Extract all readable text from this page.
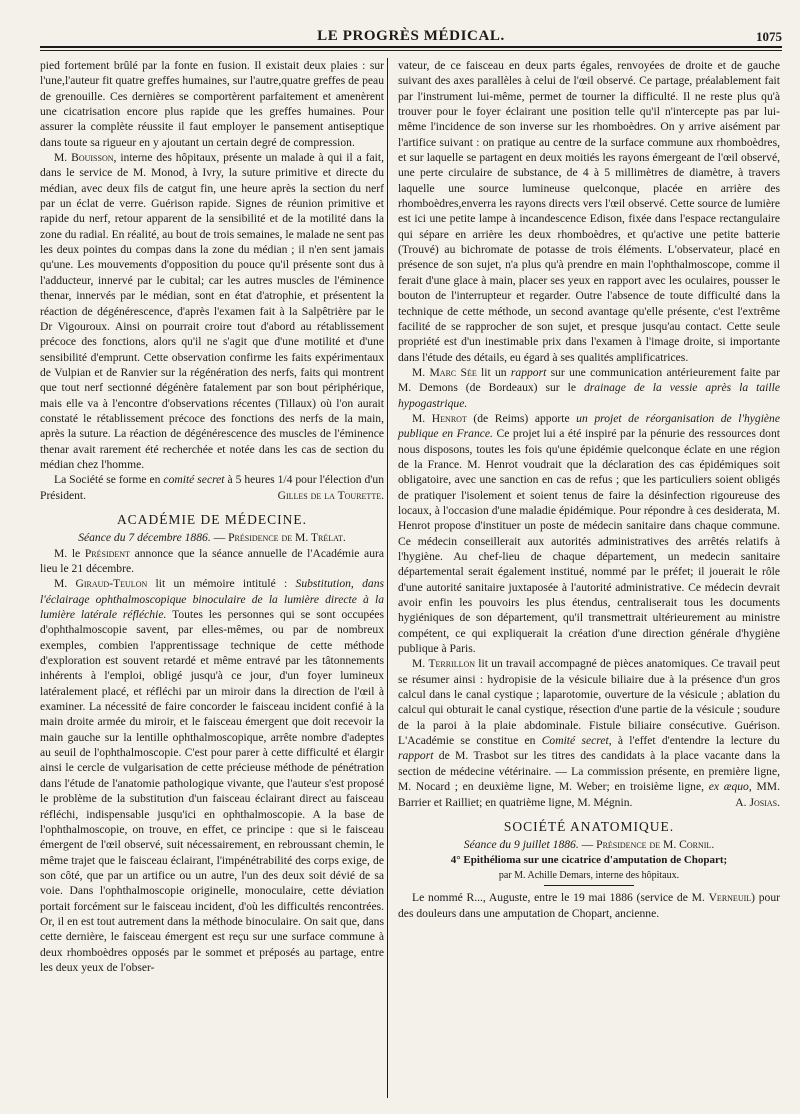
LE PROGRÈS MÉDICAL.	1075

pied fortement brûlé par la fonte en fusion. Il existait deux plaies : sur l'une,l'auteur fit quatre greffes humaines, sur l'autre,quatre greffes de peau de grenouille. Ces dernières se comportèrent parfaitement et amenèrent une cicatrisation encore plus rapide que les greffes humaines. Pour assurer la complète réussite il faut employer le pansement antiseptique dans toute sa rigueur en y ajoutant un certain degré de compression.

M. Bouisson, interne des hôpitaux, présente un malade à qui il a fait, dans le service de M. Monod, à Ivry, la suture primitive et directe du médian, avec deux fils de catgut fin, une heure après la section du nerf par un éclat de verre. Guérison rapide. Signes de réunion primitive et rapide du nerf, retour apparent de la sensibilité et de la motilité dans la zone du radial. En réalité, au bout de trois semaines, le malade ne sent pas les deux pointes du compas dans la zone du médian ; il n'en sent jamais qu'une. Les mouvements d'opposition du pouce qu'il présente sont dus à l'adducteur, innervé par le cubital; car les autres muscles de l'éminence thenar, innervés par le médian, sont en état d'atrophie, et présentent la réaction de dégénérescence, d'après l'examen fait à la Salpêtrière par le Dr Vigouroux. Ainsi on pourrait croire tout d'abord au rétablissement précoce des fonctions, alors qu'il ne s'agit que d'une motilité et d'une sensibilité d'emprunt. Cette observation confirme les faits expérimentaux de Vulpian et de Ranvier sur la régénération des nerfs, faits qui montrent que tout nerf sectionné dégénère fatalement par son bout périphérique, mais elle va à l'encontre d'observations récentes (Tillaux) où l'on aurait constaté le rétablissement précoce des fonctions des nerfs de la main, après la suture. La réaction de dégénérescence des muscles de l'éminence thenar avait rarement été recherchée et notée dans les cas de section du médian chez l'homme.

La Société se forme en comité secret à 5 heures 1/4 pour l'élection d'un Président.	Gilles de la Tourette.

ACADÉMIE DE MÉDECINE.

Séance du 7 décembre 1886. — Présidence de M. Trélat.

M. le Président annonce que la séance annuelle de l'Académie aura lieu le 21 décembre.

M. Giraud-Teulon lit un mémoire intitulé : Substitution, dans l'éclairage ophthalmoscopique binoculaire de la lumière directe à la lumière latérale réfléchie. Toutes les personnes qui se sont occupées d'ophthalmoscopie savent, par elles-mêmes, ou par de nombreux exemples, combien l'apprentissage technique de cette méthode d'exploration est souvent retardé et même entravé par les tâtonnements inhérents à l'emploi, obligé jusqu'à ce jour, d'un foyer lumineux latéralement placé, et réfléchi par un miroir dans la direction de l'œil à examiner. La nécessité de faire concorder le faisceau incident confié à la main droite armée du miroir, et le faisceau émergent que doit recevoir la main gauche sur la lentille ophthalmoscopique, arrête nombre d'adeptes au seuil de l'ophthalmoscopie. C'est pour parer à cette difficulté et élargir ainsi le cercle de vulgarisation de cette précieuse méthode de pénétration dans l'étude de l'anatomie pathologique vivante, que l'auteur s'est proposé le problème de la substitution d'un faisceau éclairant direct au faisceau réfléchi, indispensable jusqu'ici en ophthalmoscopie. A la base de l'ophthalmoscopie, on trouve, en effet, ce principe : que si le faisceau émergent de l'œil observé, suit nécessairement, en rebroussant chemin, le même trajet que le faisceau éclairant, l'impénétrabilité des corps exige, de son côté, que par un artifice ou un autre, l'un des deux soit dévié de sa voie. Dans l'ophthalmoscopie originelle, monoculaire, cette déviation portait forcément sur le faisceau incident, d'où les difficultés rencontrées. Or, il en est tout autrement dans la méthode binoculaire. On sait que, dans cette dernière, le faisceau émergent est reçu sur une surface commune à deux rhomboèdres opposés par le sommet et préposés au partage, entre les deux yeux de l'obser-

vateur, de ce faisceau en deux parts égales, renvoyées de droite et de gauche suivant des axes parallèles à celui de l'œil observé. Ce partage, préalablement fait par l'instrument lui-même, permet de tourner la difficulté. Il ne reste plus qu'à trouver pour le foyer éclairant une position telle qu'il n'intercepte pas par lui-même l'incidence de son inverse sur les rhomboèdres. On y arrive aisément par l'artifice suivant : on pratique au centre de la surface commune aux rhomboèdres, et sur laquelle se partagent en deux moitiés les rayons émergeant de l'œil observé, une perte circulaire de substance, de 4 à 5 millimètres de diamètre, à travers laquelle une source lumineuse quelconque, placée en arrière des rhomboèdres,enverra les rayons directs vers l'œil observé. Cette source de lumière est ici une petite lampe à incandescence Edison, fixée dans l'espace rectangulaire qui sépare en arrière les deux rhomboèdres, et qu'active une petite batterie (Trouvé) au bichromate de potasse de trois éléments. L'observateur, placé en présence de son sujet, n'a plus qu'à prendre en main l'ophthalmoscope, comme il ferait d'une glace à main, placer ses yeux en rapport avec les oculaires, pousser le bouton de l'interrupteur et regarder. Outre l'absence de toute difficulté dans la technique de cette méthode, un second avantage qu'elle présente, c'est l'extrême facilité de se rapprocher de son sujet, et presque jusqu'au contact. Cette seule propriété est d'un inestimable prix dans l'examen à l'image droite, si importante dans l'étude des détails, eu égard à ses qualités amplificatrices.

M. Marc Sée lit un rapport sur une communication antérieurement faite par M. Demons (de Bordeaux) sur le drainage de la vessie après la taille hypogastrique.

M. Henrot (de Reims) apporte un projet de réorganisation de l'hygiène publique en France. Ce projet lui a été inspiré par la pénurie des ressources dont nous disposons, toutes les fois qu'une épidémie quelconque éclate en une région de la France. M. Henrot voudrait que la déclaration des cas épidémiques soit obligatoire, avec une sanction en cas de refus ; que les particuliers soient obligés de pratiquer l'isolement et soient tenus de faire la désinfection rigoureuse des locaux, à l'occasion d'une maladie épidémique. Pour répondre à ces desiderata, M. Henrot propose d'instituer un poste de médecin sanitaire dans chaque commune. Ce médecin conseillerait aux autorités administratives des arrêtés relatifs à l'hygiène. Au chef-lieu de chaque département, un medecin sanitaire départemental serait également institué, nommé par le préfet; il jouerait le rôle d'une autorité sanitaire juxtaposée à l'autorité administrative. Ce médecin devrait avoir enfin les pouvoirs les plus étendus, centraliserait tous les documents hygiéniques de son département, qu'il transmettrait ultérieurement au ministre compétent, ce qui expliquerait la création d'une direction générale d'hygiène publique à Paris.

M. Terrillon lit un travail accompagné de pièces anatomiques. Ce travail peut se résumer ainsi : hydropisie de la vésicule biliaire due à la présence d'un gros calcul dans le canal cystique ; laparotomie, ouverture de la vésicule ; ablation du calcul qui obturait le canal cystique, résection d'une partie de la vésicule ; soudure de la paroi à la plaie abdominale. Fistule biliaire consécutive. Guérison. L'Académie se constitue en Comité secret, à l'effet d'entendre la lecture du rapport de M. Trasbot sur les titres des candidats à la place vacante dans la section de médecine vétérinaire. — La commission présente, en première ligne, M. Nocard ; en deuxième ligne, M. Weber; en troisième ligne, ex æquo, MM. Barrier et Railliet; en quatrième ligne, M. Mégnin.	A. Josias.

SOCIÉTÉ ANATOMIQUE.

Séance du 9 juillet 1886. — Présidence de M. Cornil.

4° Epithélioma sur une cicatrice d'amputation de Chopart;

par M. Achille Demars, interne des hôpitaux.

Le nommé R..., Auguste, entre le 19 mai 1886 (service de M. Verneuil) pour des douleurs dans une amputation de Chopart, ancienne.
